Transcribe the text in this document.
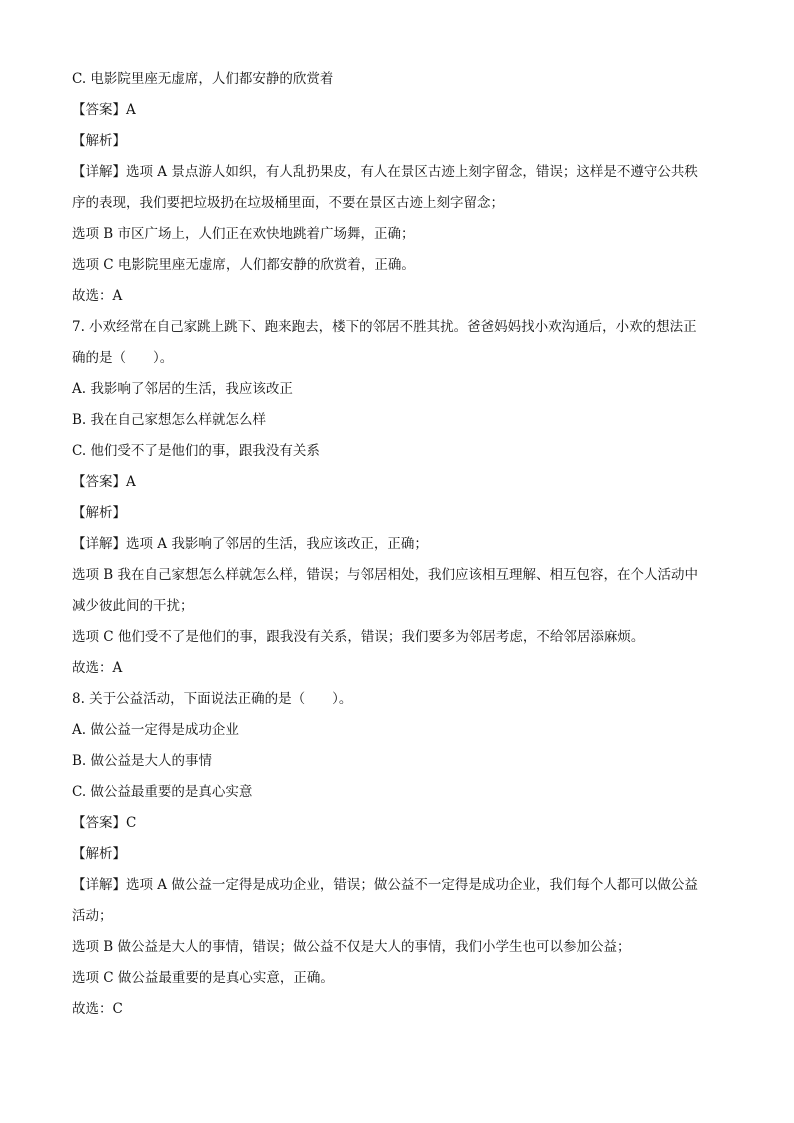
C. 电影院里座无虚席，人们都安静的欣赏着

【答案】A

【解析】

【详解】选项 A 景点游人如织，有人乱扔果皮，有人在景区古迹上刻字留念，错误；这样是不遵守公共秩

序的表现，我们要把垃圾扔在垃圾桶里面，不要在景区古迹上刻字留念；

选项 B 市区广场上，人们正在欢快地跳着广场舞，正确；

选项 C 电影院里座无虚席，人们都安静的欣赏着，正确。

故选：A

7. 小欢经常在自己家跳上跳下、跑来跑去，楼下的邻居不胜其扰。爸爸妈妈找小欢沟通后，小欢的想法正

确的是（　　）。

A. 我影响了邻居的生活，我应该改正

B. 我在自己家想怎么样就怎么样

C. 他们受不了是他们的事，跟我没有关系

【答案】A

【解析】

【详解】选项 A 我影响了邻居的生活，我应该改正，正确；

选项 B 我在自己家想怎么样就怎么样，错误；与邻居相处，我们应该相互理解、相互包容，在个人活动中

减少彼此间的干扰；

选项 C 他们受不了是他们的事，跟我没有关系，错误；我们要多为邻居考虑，不给邻居添麻烦。

故选：A

8. 关于公益活动，下面说法正确的是（　　）。

A. 做公益一定得是成功企业

B. 做公益是大人的事情

C. 做公益最重要的是真心实意

【答案】C

【解析】

【详解】选项 A 做公益一定得是成功企业，错误；做公益不一定得是成功企业，我们每个人都可以做公益

活动；

选项 B 做公益是大人的事情，错误；做公益不仅是大人的事情，我们小学生也可以参加公益；

选项 C 做公益最重要的是真心实意，正确。

故选：C
